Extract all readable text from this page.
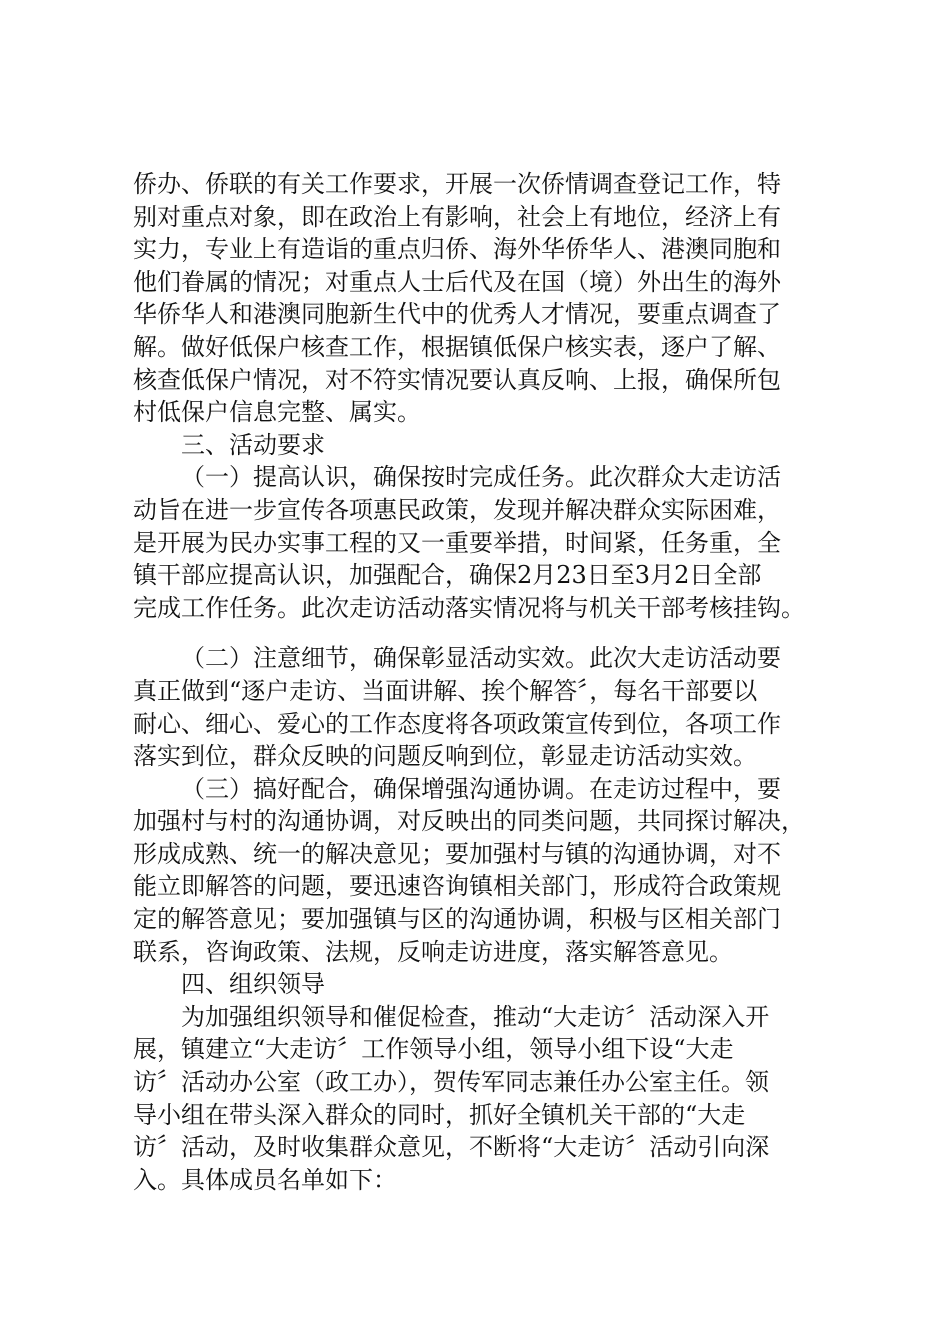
侨办、侨联的有关工作要求，开展一次侨情调查登记工作，特
别对重点对象，即在政治上有影响，社会上有地位，经济上有
实力，专业上有造诣的重点归侨、海外华侨华人、港澳同胞和
他们眷属的情况；对重点人士后代及在国（境）外出生的海外
华侨华人和港澳同胞新生代中的优秀人才情况，要重点调查了
解。做好低保户核查工作，根据镇低保户核实表，逐户了解、
核查低保户情况，对不符实情况要认真反响、上报，确保所包
村低保户信息完整、属实。
三、活动要求
（一）提高认识，确保按时完成任务。此次群众大走访活
动旨在进一步宣传各项惠民政策，发现并解决群众实际困难，
是开展为民办实事工程的又一重要举措，时间紧，任务重，全
镇干部应提高认识，加强配合，确保2月23日至3月2日全部
完成工作任务。此次走访活动落实情况将与机关干部考核挂钩。
（二）注意细节，确保彰显活动实效。此次大走访活动要
真正做到“逐户走访、当面讲解、挨个解答〞，每名干部要以
耐心、细心、爱心的工作态度将各项政策宣传到位，各项工作
落实到位，群众反映的问题反响到位，彰显走访活动实效。
（三）搞好配合，确保增强沟通协调。在走访过程中，要
加强村与村的沟通协调，对反映出的同类问题，共同探讨解决，
形成成熟、统一的解决意见；要加强村与镇的沟通协调，对不
能立即解答的问题，要迅速咨询镇相关部门，形成符合政策规
定的解答意见；要加强镇与区的沟通协调，积极与区相关部门
联系，咨询政策、法规，反响走访进度，落实解答意见。
四、组织领导
为加强组织领导和催促检查，推动“大走访〞活动深入开
展，镇建立“大走访〞工作领导小组，领导小组下设“大走
访〞活动办公室（政工办），贺传军同志兼任办公室主任。领
导小组在带头深入群众的同时，抓好全镇机关干部的“大走
访〞活动，及时收集群众意见，不断将“大走访〞活动引向深
入。具体成员名单如下：
